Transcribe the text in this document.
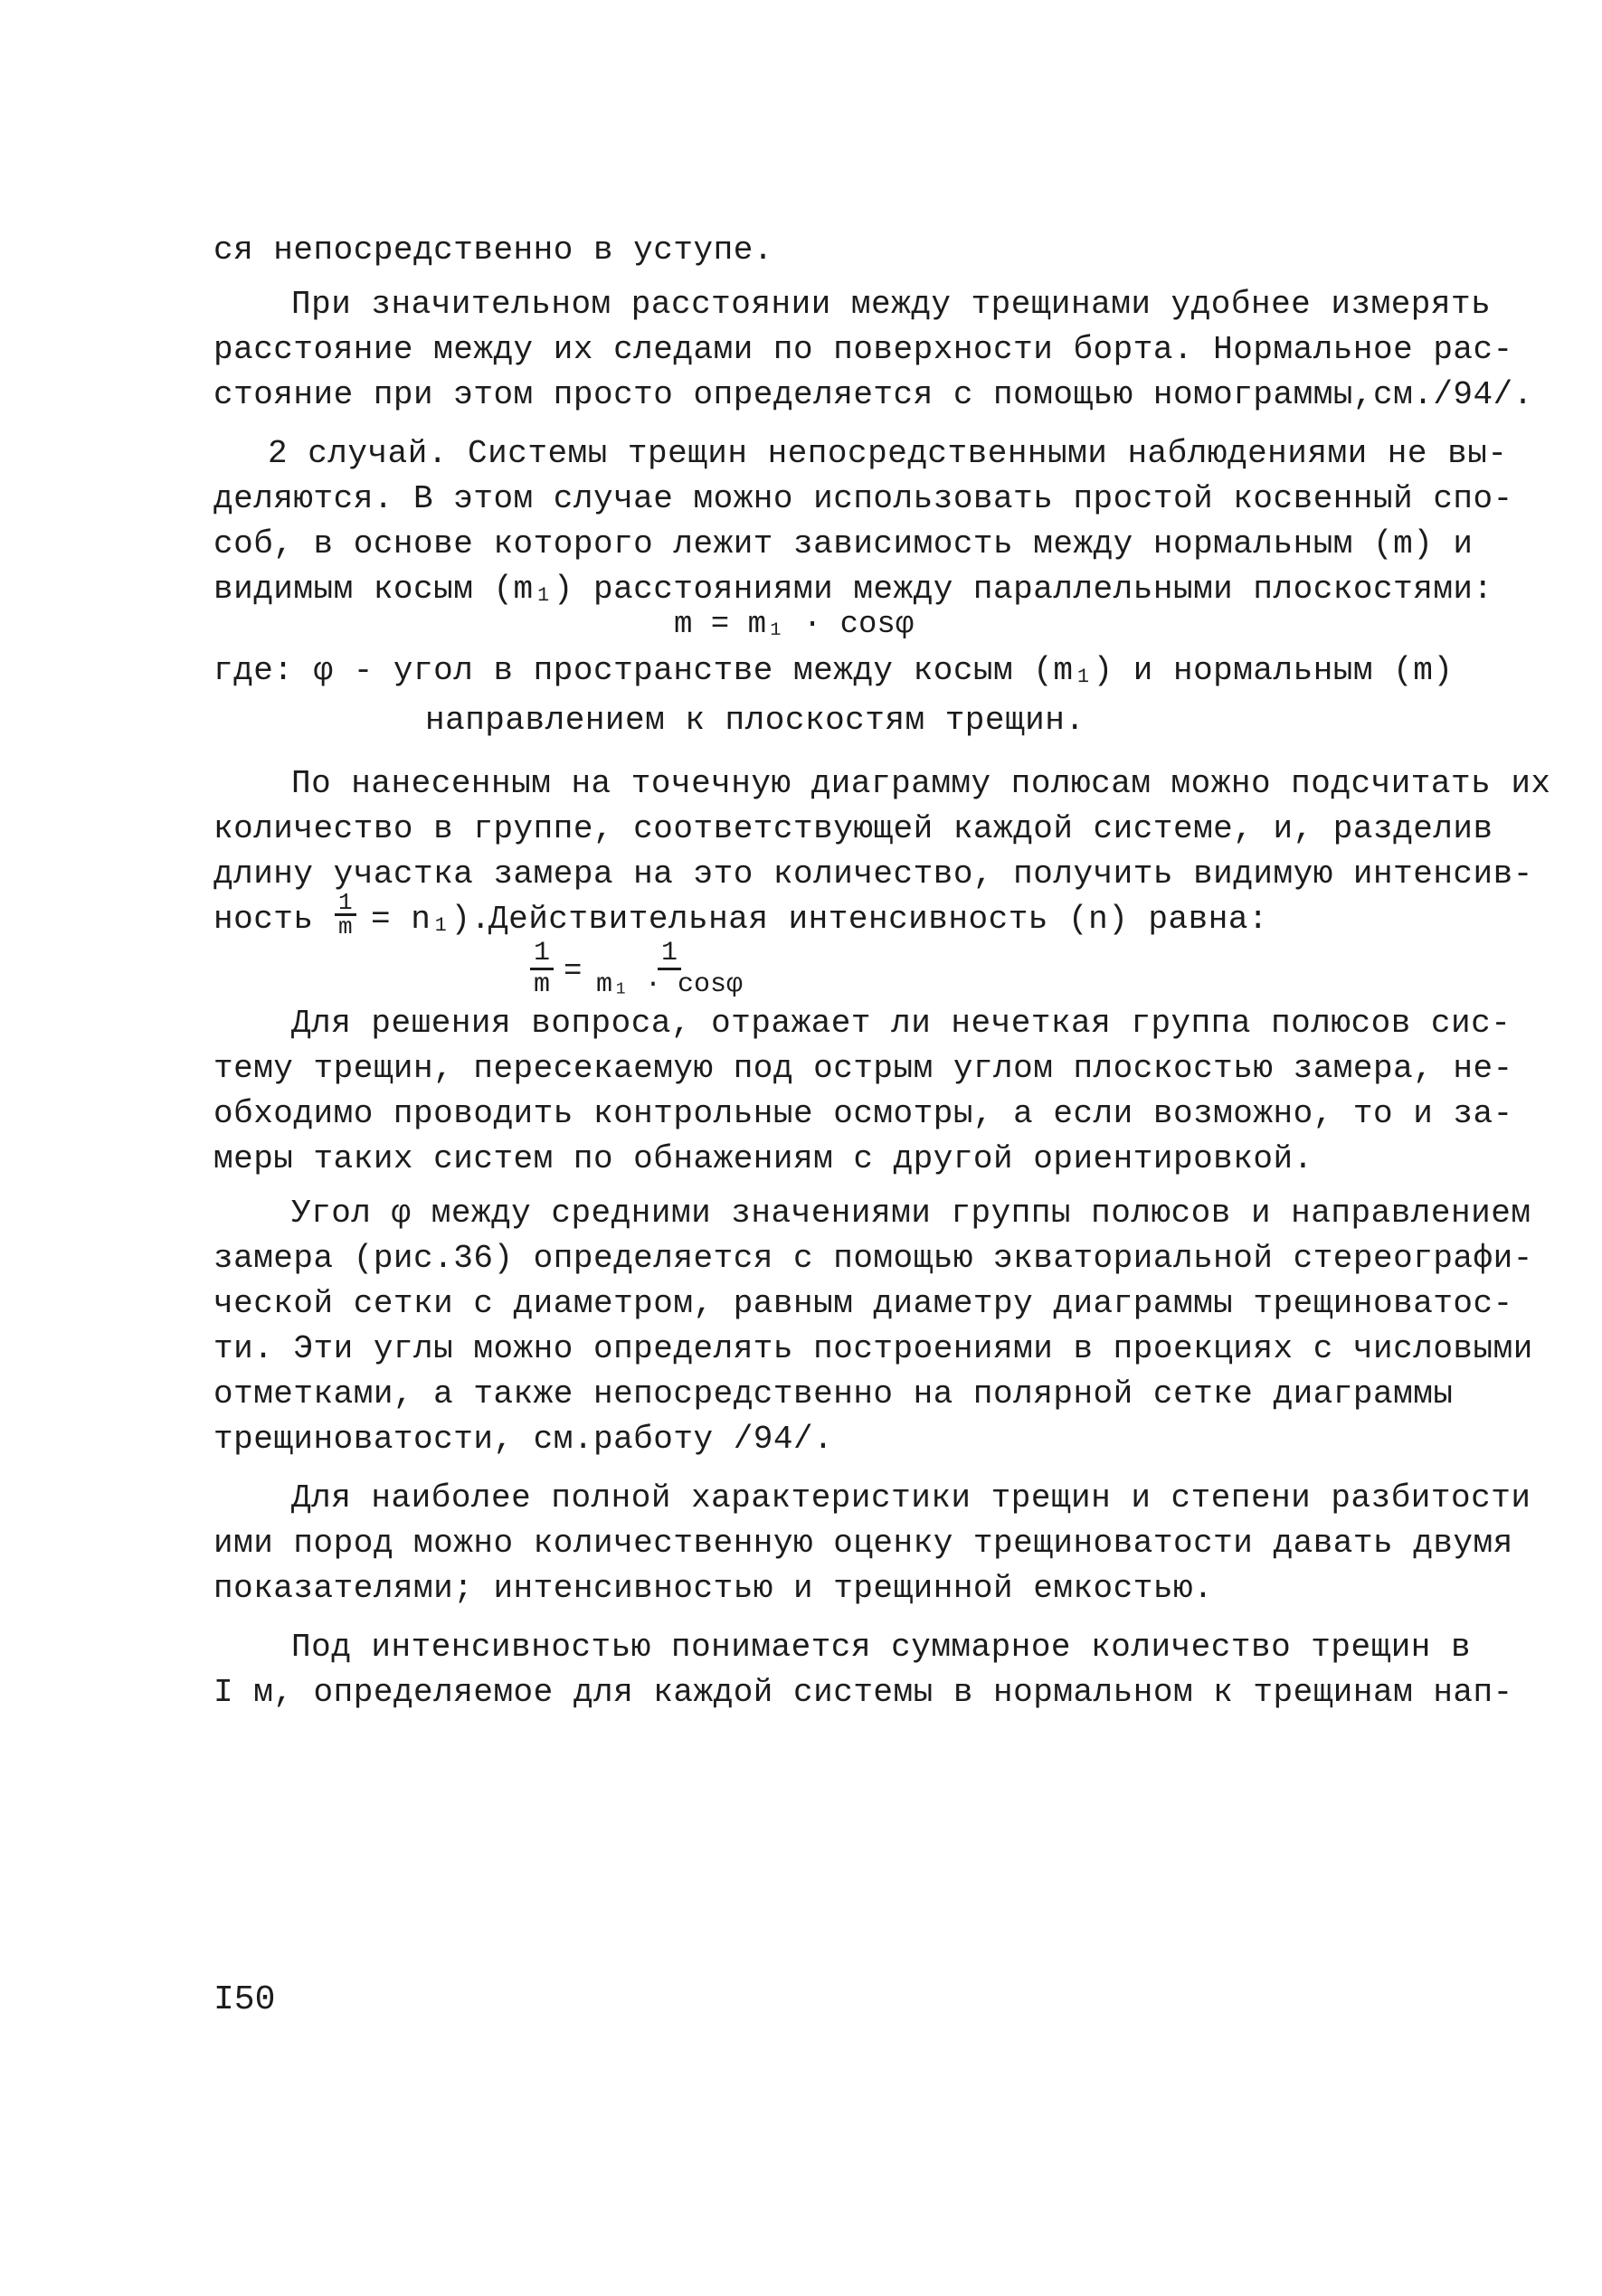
ся непосредственно в уступе.
При значительном расстоянии между трещинами удобнее измерять
расстояние между их следами по поверхности борта. Нормальное рас-
стояние при этом просто определяется с помощью номограммы,см./94/.
2 случай. Системы трещин непосредственными наблюдениями не вы-
деляются. В этом случае можно использовать простой косвенный спо-
соб, в основе которого лежит зависимость между нормальным (m) и
видимым косым (m₁) расстояниями между параллельными плоскостями:
m = m₁ · cosφ
где: φ - угол в пространстве между косым (m₁) и нормальным (m)
направлением к плоскостям трещин.
По нанесенным на точечную диаграмму полюсам можно подсчитать их
количество в группе, соответствующей каждой системе, и, разделив
длину участка замера на это количество, получить видимую интенсив-
ность $\frac{1}{m} = n_1$).
Действительная интенсивность (n) равна:
$\frac{1}{m} = \frac{1}{\text{m₁ · cosφ}}$
Для решения вопроса, отражает ли нечеткая группа полюсов сис-
тему трещин, пересекаемую под острым углом плоскостью замера, не-
обходимо проводить контрольные осмотры, а если возможно, то и за-
меры таких систем по обнажениям с другой ориентировкой.
Угол φ между средними значениями группы полюсов и направлением
замера (рис.36) определяется с помощью экваториальной стереографи-
ческой сетки с диаметром, равным диаметру диаграммы трещиноватос-
ти. Эти углы можно определять построениями в проекциях с числовыми
отметками, а также непосредственно на полярной сетке диаграммы
трещиноватости, см.работу /94/.
Для наиболее полной характеристики трещин и степени разбитости
ими пород можно количественную оценку трещиноватости давать двумя
показателями; интенсивностью и трещинной емкостью.
Под интенсивностью понимается суммарное количество трещин в
I м, определяемое для каждой системы в нормальном к трещинам нап-
I50
